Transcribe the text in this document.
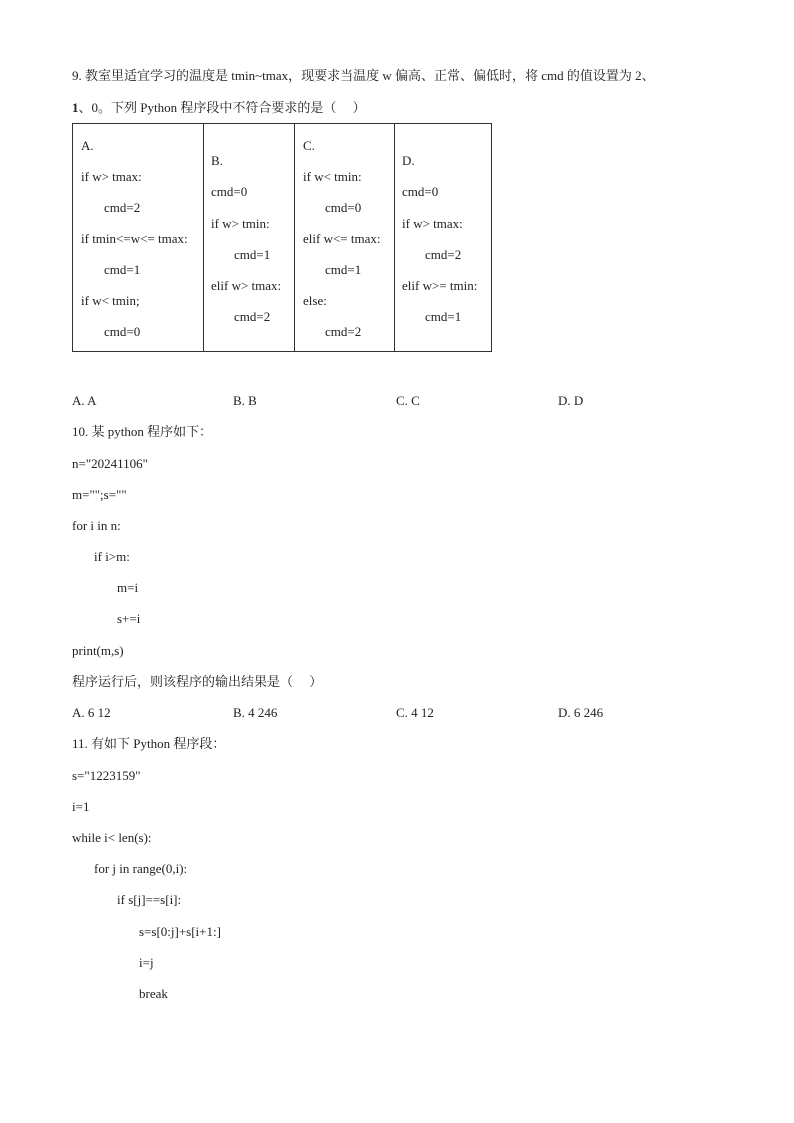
9. 教室里适宜学习的温度是 tmin~tmax，现要求当温度 w 偏高、正常、偏低时，将 cmd 的值设置为 2、
1、0。下列 Python 程序段中不符合要求的是（　 ）
A.
if w> tmax:
cmd=2
if tmin<=w<= tmax:
cmd=1
if w< tmin;
cmd=0

B.
cmd=0
if w> tmin:
cmd=1
elif w> tmax:
cmd=2

C.
if w< tmin:
cmd=0
elif w<= tmax:
cmd=1
else:
cmd=2

D.
cmd=0
if w> tmax:
cmd=2
elif w>= tmin:
cmd=1
A. A	B. B	C. C	D. D
10. 某 python 程序如下：
n="20241106"
m="";s=""
for i in n:
if i>m:
m=i
s+=i
print(m,s)
程序运行后，则该程序的输出结果是（　 ）
A. 6 12	B. 4 246	C. 4 12	D. 6 246
11. 有如下 Python 程序段：
s="1223159"
i=1
while i< len(s):
for j in range(0,i):
if s[j]==s[i]:
s=s[0:j]+s[i+1:]
i=j
break
